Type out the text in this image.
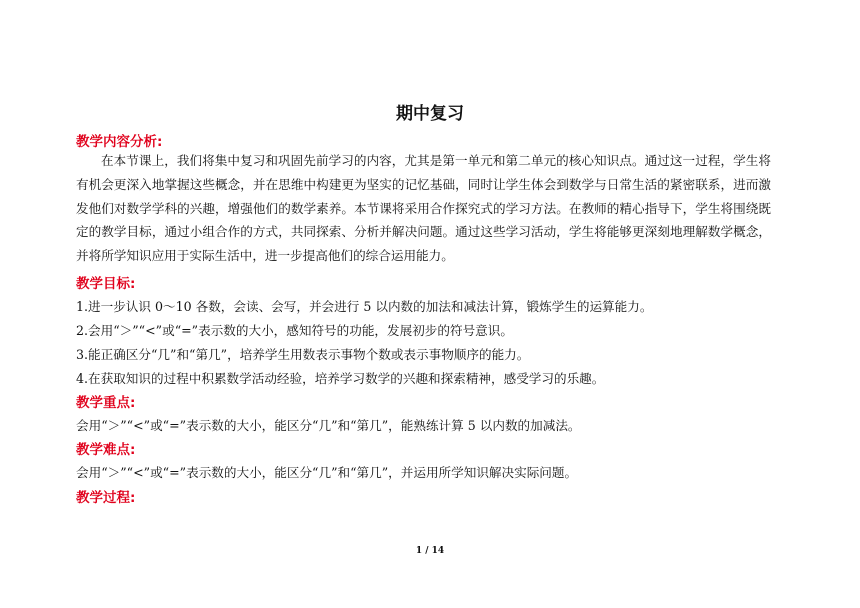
期中复习
教学内容分析:
在本节课上，我们将集中复习和巩固先前学习的内容，尤其是第一单元和第二单元的核心知识点。通过这一过程，学生将有机会更深入地掌握这些概念，并在思维中构建更为坚实的记忆基础，同时让学生体会到数学与日常生活的紧密联系，进而激发他们对数学学科的兴趣，增强他们的数学素养。本节课将采用合作探究式的学习方法。在教师的精心指导下，学生将围绕既定的教学目标，通过小组合作的方式，共同探索、分析并解决问题。通过这些学习活动，学生将能够更深刻地理解数学概念，并将所学知识应用于实际生活中，进一步提高他们的综合运用能力。
教学目标:
1.进一步认识 0～10 各数，会读、会写，并会进行 5 以内数的加法和减法计算，锻炼学生的运算能力。
2.会用“＞”“<”或“=”表示数的大小，感知符号的功能，发展初步的符号意识。
3.能正确区分“几”和“第几”，培养学生用数表示事物个数或表示事物顺序的能力。
4.在获取知识的过程中积累数学活动经验，培养学习数学的兴趣和探索精神，感受学习的乐趣。
教学重点:
会用“＞”“<”或“=”表示数的大小，能区分“几”和“第几”，能熟练计算 5 以内数的加减法。
教学难点:
会用“＞”“<”或“=”表示数的大小，能区分“几”和“第几”，并运用所学知识解决实际问题。
教学过程:
1 / 14
